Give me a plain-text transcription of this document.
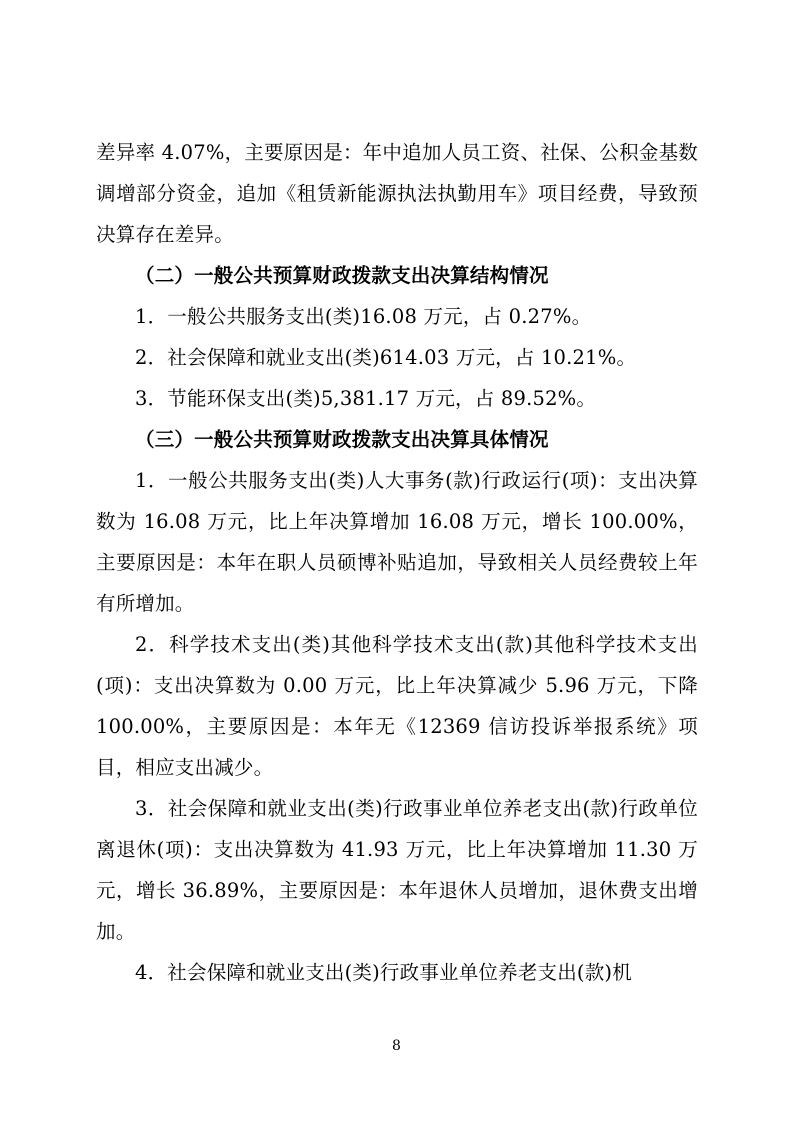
差异率 4.07%，主要原因是：年中追加人员工资、社保、公积金基数调增部分资金，追加《租赁新能源执法执勤用车》项目经费，导致预决算存在差异。

（二）一般公共预算财政拨款支出决算结构情况

1．一般公共服务支出(类)16.08 万元，占 0.27%。

2．社会保障和就业支出(类)614.03 万元，占 10.21%。

3．节能环保支出(类)5,381.17 万元，占 89.52%。

（三）一般公共预算财政拨款支出决算具体情况

1．一般公共服务支出(类)人大事务(款)行政运行(项)：支出决算数为 16.08 万元，比上年决算增加 16.08 万元，增长 100.00%，主要原因是：本年在职人员硕博补贴追加，导致相关人员经费较上年有所增加。

2．科学技术支出(类)其他科学技术支出(款)其他科学技术支出(项)：支出决算数为 0.00 万元，比上年决算减少 5.96 万元，下降 100.00%，主要原因是：本年无《12369 信访投诉举报系统》项目，相应支出减少。

3．社会保障和就业支出(类)行政事业单位养老支出(款)行政单位离退休(项)：支出决算数为 41.93 万元，比上年决算增加 11.30 万元，增长 36.89%，主要原因是：本年退休人员增加，退休费支出增加。

4．社会保障和就业支出(类)行政事业单位养老支出(款)机

8
